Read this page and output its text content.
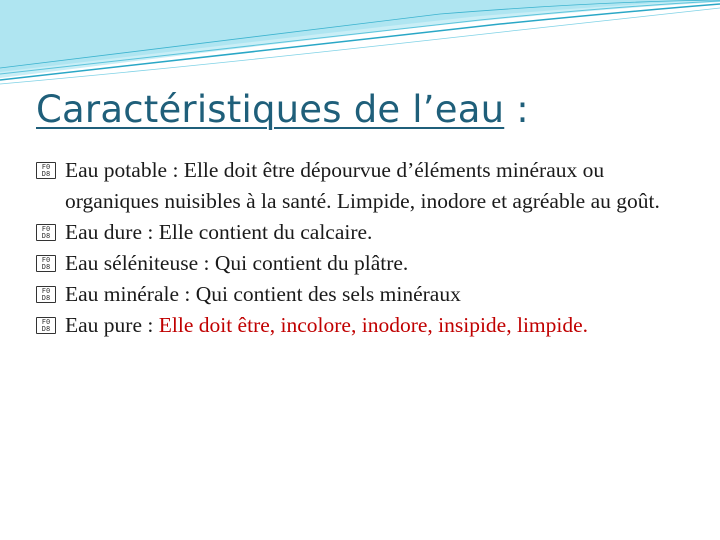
Caractéristiques de l’eau :
F0
D8 Eau potable : Elle doit être dépourvue d’éléments minéraux ou organiques nuisibles à la santé. Limpide, inodore et agréable au goût.
F0
D8 Eau dure : Elle contient du calcaire.
F0
D8 Eau séléniteuse : Qui contient du plâtre.
F0
D8 Eau minérale : Qui contient des sels minéraux
F0
D8 Eau pure : Elle doit être, incolore, inodore, insipide, limpide.
